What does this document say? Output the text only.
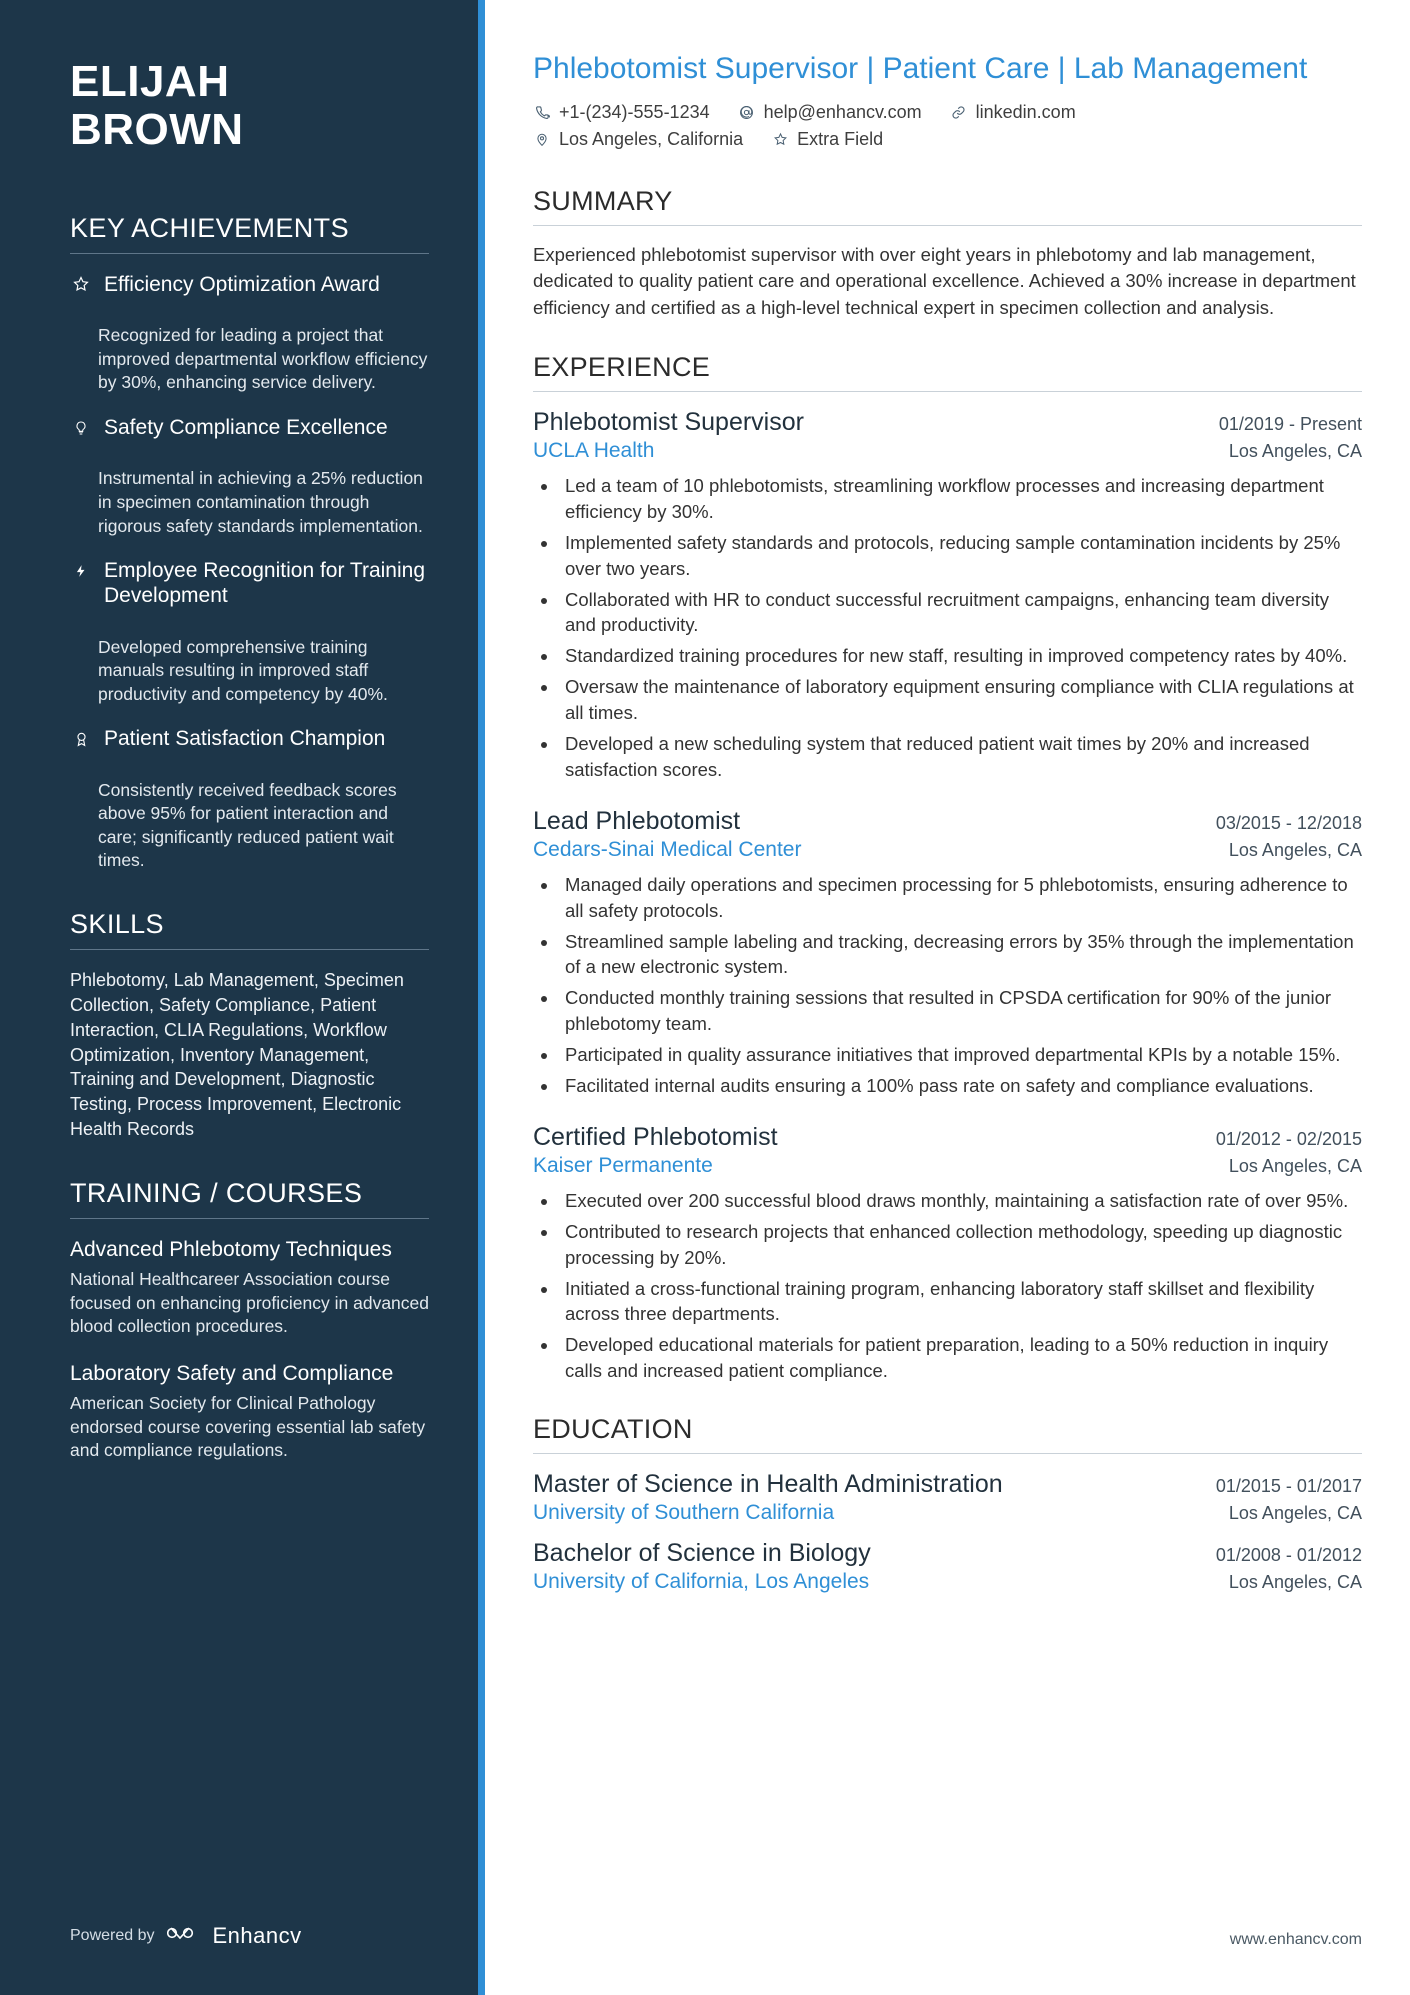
ELIJAH
BROWN
KEY ACHIEVEMENTS
Efficiency Optimization Award
Recognized for leading a project that improved departmental workflow efficiency by 30%, enhancing service delivery.
Safety Compliance Excellence
Instrumental in achieving a 25% reduction in specimen contamination through rigorous safety standards implementation.
Employee Recognition for Training Development
Developed comprehensive training manuals resulting in improved staff productivity and competency by 40%.
Patient Satisfaction Champion
Consistently received feedback scores above 95% for patient interaction and care; significantly reduced patient wait times.
SKILLS
Phlebotomy, Lab Management, Specimen Collection, Safety Compliance, Patient Interaction, CLIA Regulations, Workflow Optimization, Inventory Management, Training and Development, Diagnostic Testing, Process Improvement, Electronic Health Records
TRAINING / COURSES
Advanced Phlebotomy Techniques
National Healthcareer Association course focused on enhancing proficiency in advanced blood collection procedures.
Laboratory Safety and Compliance
American Society for Clinical Pathology endorsed course covering essential lab safety and compliance regulations.
Powered by	Enhancv
Phlebotomist Supervisor | Patient Care | Lab Management
+1-(234)-555-1234	help@enhancv.com	linkedin.com
Los Angeles, California	Extra Field
SUMMARY
Experienced phlebotomist supervisor with over eight years in phlebotomy and lab management, dedicated to quality patient care and operational excellence. Achieved a 30% increase in department efficiency and certified as a high-level technical expert in specimen collection and analysis.
EXPERIENCE
Phlebotomist Supervisor	01/2019 - Present
UCLA Health	Los Angeles, CA
• Led a team of 10 phlebotomists, streamlining workflow processes and increasing department efficiency by 30%.
• Implemented safety standards and protocols, reducing sample contamination incidents by 25% over two years.
• Collaborated with HR to conduct successful recruitment campaigns, enhancing team diversity and productivity.
• Standardized training procedures for new staff, resulting in improved competency rates by 40%.
• Oversaw the maintenance of laboratory equipment ensuring compliance with CLIA regulations at all times.
• Developed a new scheduling system that reduced patient wait times by 20% and increased satisfaction scores.
Lead Phlebotomist	03/2015 - 12/2018
Cedars-Sinai Medical Center	Los Angeles, CA
• Managed daily operations and specimen processing for 5 phlebotomists, ensuring adherence to all safety protocols.
• Streamlined sample labeling and tracking, decreasing errors by 35% through the implementation of a new electronic system.
• Conducted monthly training sessions that resulted in CPSDA certification for 90% of the junior phlebotomy team.
• Participated in quality assurance initiatives that improved departmental KPIs by a notable 15%.
• Facilitated internal audits ensuring a 100% pass rate on safety and compliance evaluations.
Certified Phlebotomist	01/2012 - 02/2015
Kaiser Permanente	Los Angeles, CA
• Executed over 200 successful blood draws monthly, maintaining a satisfaction rate of over 95%.
• Contributed to research projects that enhanced collection methodology, speeding up diagnostic processing by 20%.
• Initiated a cross-functional training program, enhancing laboratory staff skillset and flexibility across three departments.
• Developed educational materials for patient preparation, leading to a 50% reduction in inquiry calls and increased patient compliance.
EDUCATION
Master of Science in Health Administration	01/2015 - 01/2017
University of Southern California	Los Angeles, CA
Bachelor of Science in Biology	01/2008 - 01/2012
University of California, Los Angeles	Los Angeles, CA
www.enhancv.com
